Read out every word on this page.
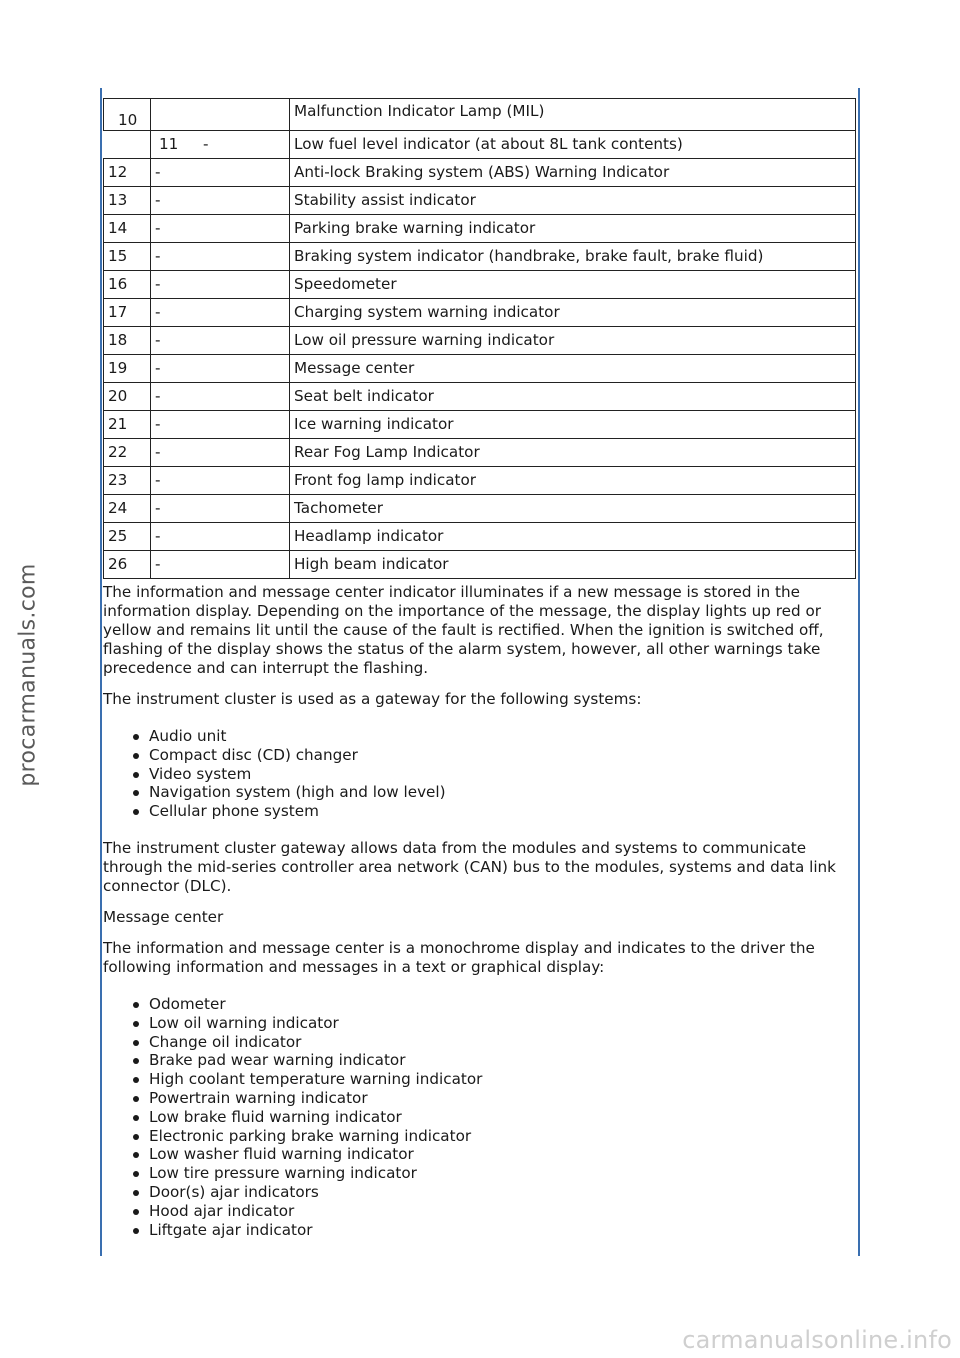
procarmanuals.com
10		Malfunction Indicator Lamp (MIL)
	11 -	Low fuel level indicator (at about 8L tank contents)
12	-	Anti-lock Braking system (ABS) Warning Indicator
13	-	Stability assist indicator
14	-	Parking brake warning indicator
15	-	Braking system indicator (handbrake, brake fault, brake fluid)
16	-	Speedometer
17	-	Charging system warning indicator
18	-	Low oil pressure warning indicator
19	-	Message center
20	-	Seat belt indicator
21	-	Ice warning indicator
22	-	Rear Fog Lamp Indicator
23	-	Front fog lamp indicator
24	-	Tachometer
25	-	Headlamp indicator
26	-	High beam indicator

The information and message center indicator illuminates if a new message is stored in the information display. Depending on the importance of the message, the display lights up red or yellow and remains lit until the cause of the fault is rectified. When the ignition is switched off, flashing of the display shows the status of the alarm system, however, all other warnings take precedence and can interrupt the flashing.

The instrument cluster is used as a gateway for the following systems:

Audio unit
Compact disc (CD) changer
Video system
Navigation system (high and low level)
Cellular phone system

The instrument cluster gateway allows data from the modules and systems to communicate through the mid-series controller area network (CAN) bus to the modules, systems and data link connector (DLC).

Message center

The information and message center is a monochrome display and indicates to the driver the following information and messages in a text or graphical display:

Odometer
Low oil warning indicator
Change oil indicator
Brake pad wear warning indicator
High coolant temperature warning indicator
Powertrain warning indicator
Low brake fluid warning indicator
Electronic parking brake warning indicator
Low washer fluid warning indicator
Low tire pressure warning indicator
Door(s) ajar indicators
Hood ajar indicator
Liftgate ajar indicator
carmanualsonline.info
